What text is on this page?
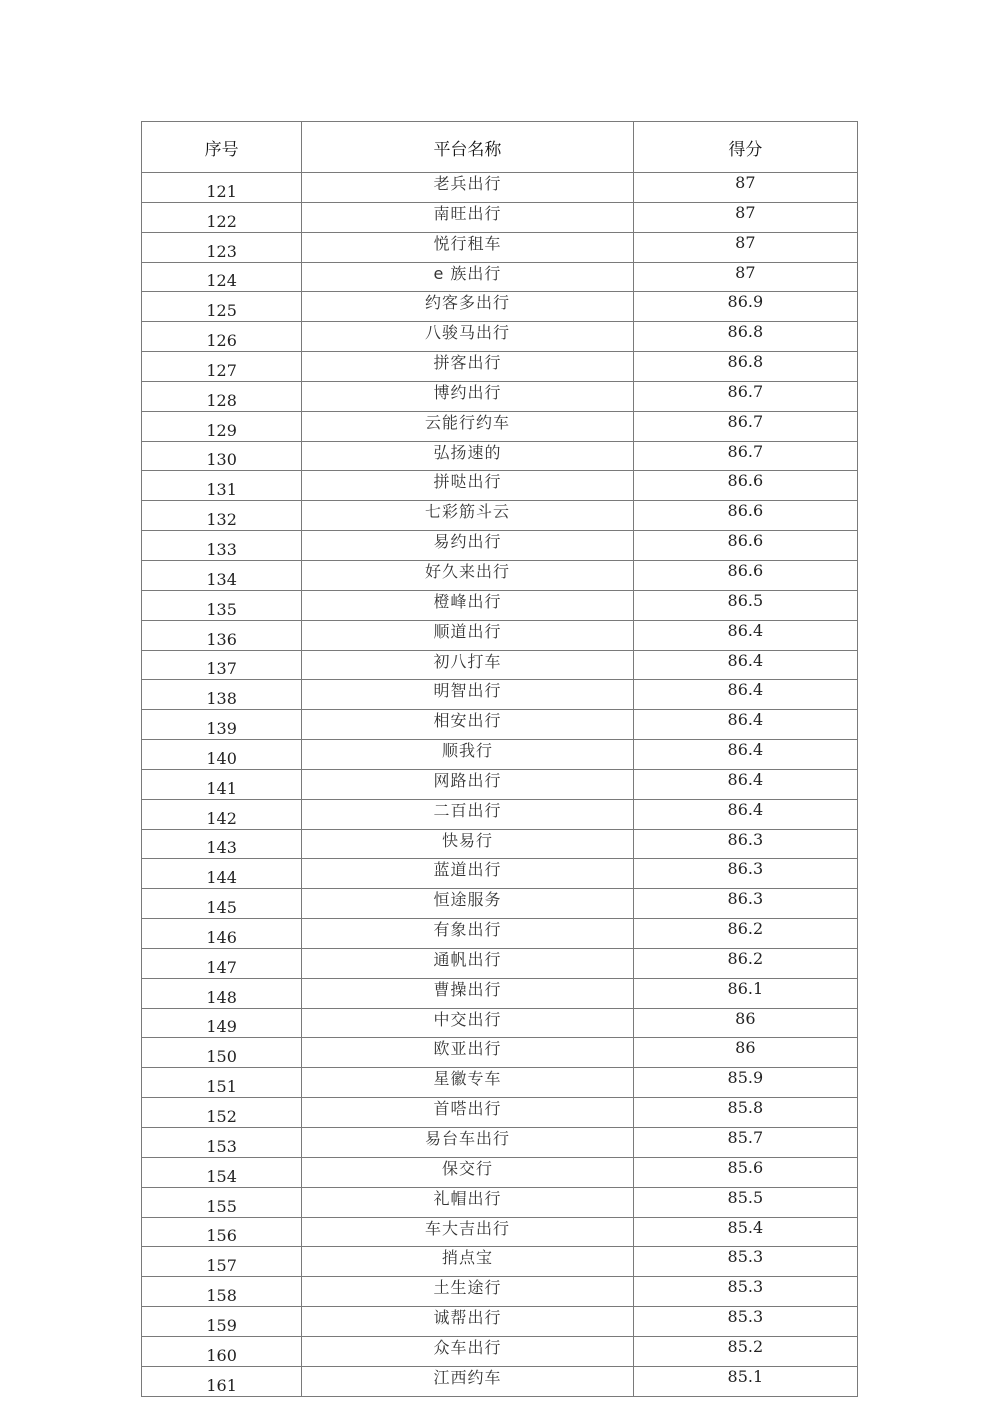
序号	平台名称	得分
121	老兵出行	87
122	南旺出行	87
123	悦行租车	87
124	e 族出行	87
125	约客多出行	86.9
126	八骏马出行	86.8
127	拼客出行	86.8
128	博约出行	86.7
129	云能行约车	86.7
130	弘扬速的	86.7
131	拼哒出行	86.6
132	七彩筋斗云	86.6
133	易约出行	86.6
134	好久来出行	86.6
135	橙峰出行	86.5
136	顺道出行	86.4
137	初八打车	86.4
138	明智出行	86.4
139	相安出行	86.4
140	顺我行	86.4
141	网路出行	86.4
142	二百出行	86.4
143	快易行	86.3
144	蓝道出行	86.3
145	恒途服务	86.3
146	有象出行	86.2
147	通帆出行	86.2
148	曹操出行	86.1
149	中交出行	86
150	欧亚出行	86
151	星徽专车	85.9
152	首嗒出行	85.8
153	易台车出行	85.7
154	保交行	85.6
155	礼帽出行	85.5
156	车大吉出行	85.4
157	捎点宝	85.3
158	土生途行	85.3
159	诚帮出行	85.3
160	众车出行	85.2
161	江西约车	85.1
